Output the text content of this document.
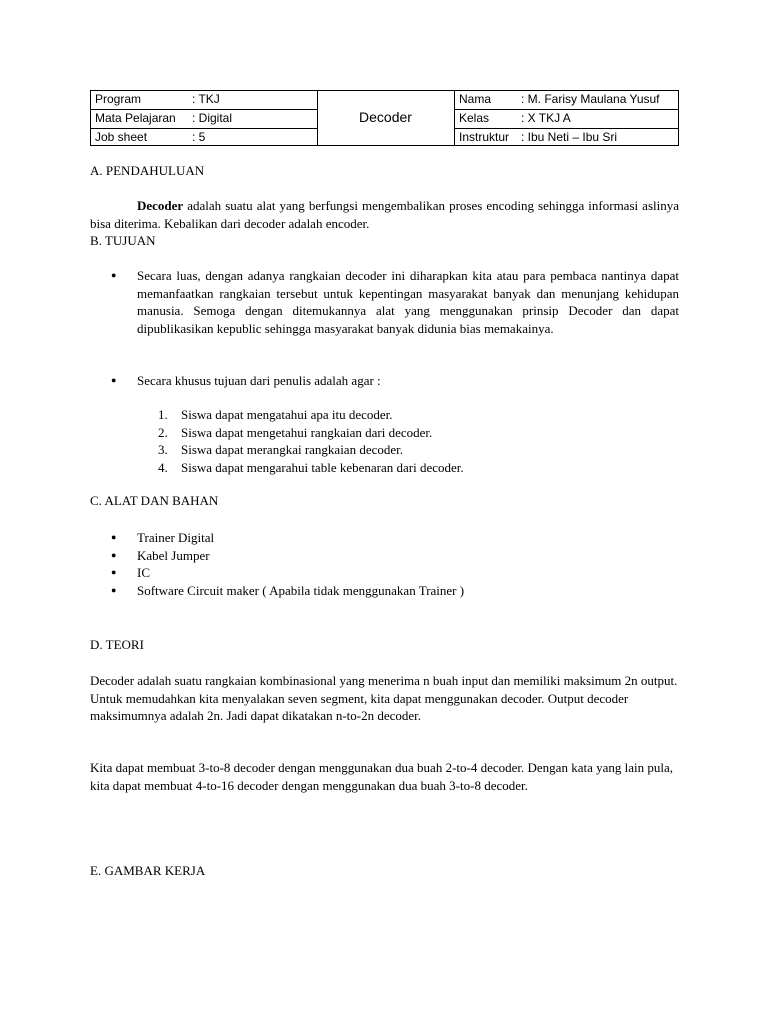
Program	: TKJ
Mata Pelajaran : Digital
Job sheet	: 5
Decoder
Nama : M. Farisy Maulana Yusuf
Kelas	: X TKJ A
Instruktur : Ibu Neti – Ibu Sri
A. PENDAHULUAN
Decoder adalah suatu alat yang berfungsi mengembalikan proses encoding sehingga informasi aslinya bisa diterima. Kebalikan dari decoder adalah encoder.
B. TUJUAN
● Secara luas, dengan adanya rangkaian decoder ini diharapkan kita atau para pembaca nantinya dapat memanfaatkan rangkaian tersebut untuk kepentingan masyarakat banyak dan menunjang kehidupan manusia. Semoga dengan ditemukannya alat yang menggunakan prinsip Decoder dan dapat dipublikasikan kepublic sehingga masyarakat banyak didunia bias memakainya.
● Secara khusus tujuan dari penulis adalah agar :
1. Siswa dapat mengatahui apa itu decoder.
2. Siswa dapat mengetahui rangkaian dari decoder.
3. Siswa dapat merangkai rangkaian decoder.
4. Siswa dapat mengarahui table kebenaran dari decoder.
C. ALAT DAN BAHAN
● Trainer Digital
● Kabel Jumper
● IC
● Software Circuit maker ( Apabila tidak menggunakan Trainer )
D. TEORI
Decoder adalah suatu rangkaian kombinasional yang menerima n buah input dan memiliki maksimum 2n output. Untuk memudahkan kita menyalakan seven segment, kita dapat menggunakan decoder. Output decoder maksimumnya adalah 2n. Jadi dapat dikatakan n-to-2n decoder.
Kita dapat membuat 3-to-8 decoder dengan menggunakan dua buah 2-to-4 decoder. Dengan kata yang lain pula, kita dapat membuat 4-to-16 decoder dengan menggunakan dua buah 3-to-8 decoder.
E. GAMBAR KERJA
